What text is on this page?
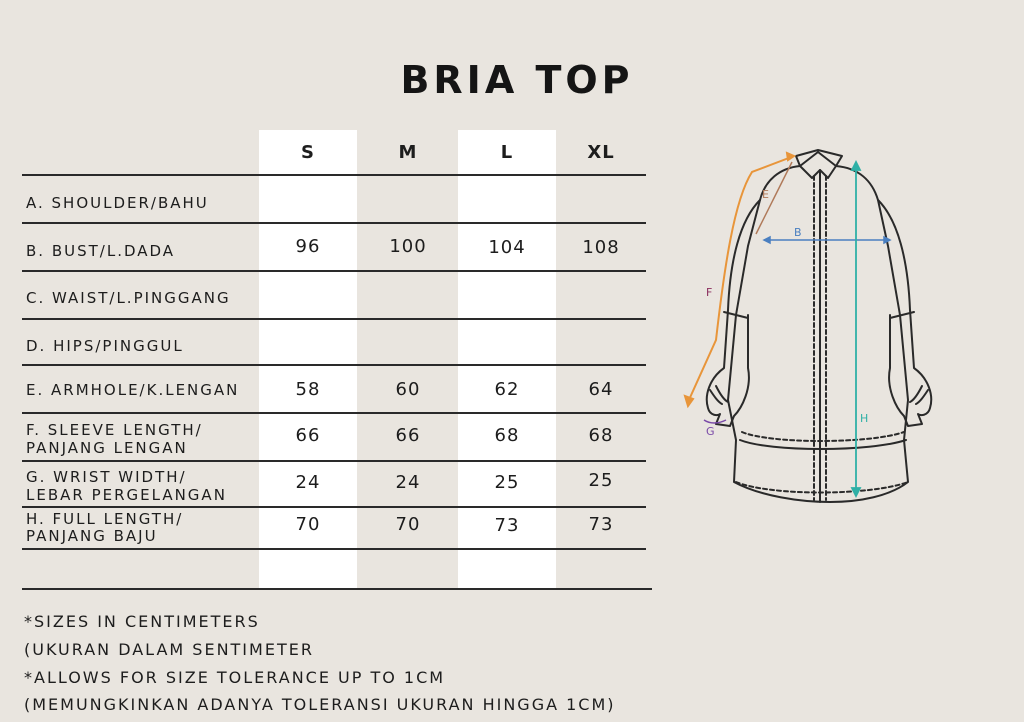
BRIA TOP
S	M	L	XL
A. SHOULDER/BAHU
B. BUST/L.DADA	96	100	104	108
C. WAIST/L.PINGGANG
D. HIPS/PINGGUL
E. ARMHOLE/K.LENGAN	58	60	62	64
F. SLEEVE LENGTH/
PANJANG LENGAN
66	66	68	68
G. WRIST WIDTH/
LEBAR PERGELANGAN
24	24	25	25
H. FULL LENGTH/
PANJANG BAJU
70	70	73	73
*SIZES IN CENTIMETERS
(UKURAN DALAM SENTIMETER
*ALLOWS FOR SIZE TOLERANCE UP TO 1CM
(MEMUNGKINKAN ADANYA TOLERANSI UKURAN HINGGA 1CM)
B
E
F
G
H
